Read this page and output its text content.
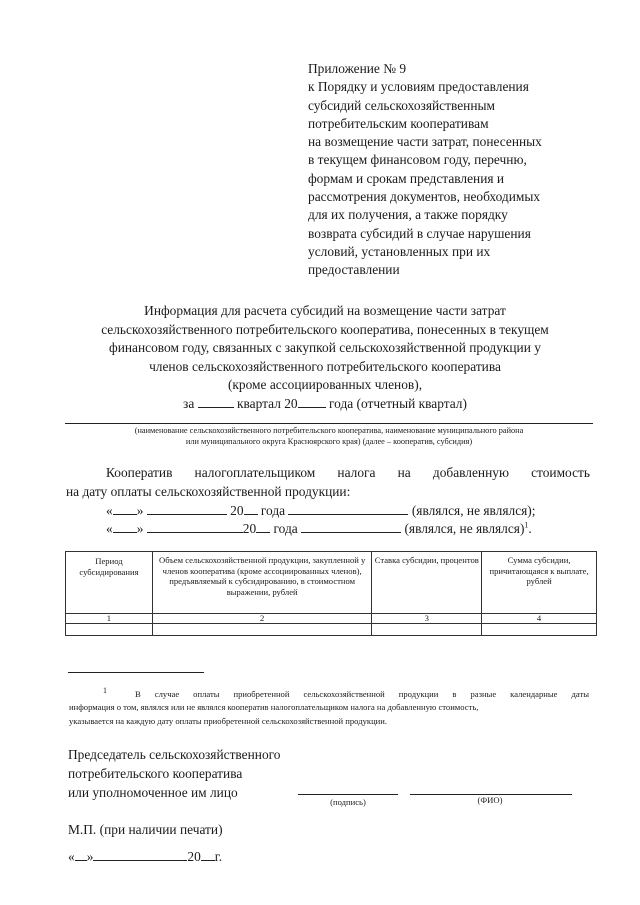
Приложение № 9
к Порядку и условиям предоставления
субсидий сельскохозяйственным
потребительским кооперативам
на возмещение части затрат, понесенных
в текущем финансовом году, перечню,
формам и срокам представления и
рассмотрения документов, необходимых
для их получения, а также порядку
возврата субсидий в случае нарушения
условий, установленных при их
предоставлении
Информация для расчета субсидий на возмещение части затрат
сельскохозяйственного потребительского кооператива, понесенных в текущем
финансовом году, связанных с закупкой сельскохозяйственной продукции у
членов сельскохозяйственного потребительского кооператива
(кроме ассоциированных членов),
за	квартал 20 года (отчетный квартал)
(наименование сельскохозяйственного потребительского кооператива, наименование муниципального района
или муниципального округа Красноярского края) (далее – кооператив, субсидия)
Кооператив налогоплательщиком налога на добавленную стоимость
на дату оплаты сельскохозяйственной продукции:
« »	20 года	(являлся, не являлся);
« »	20 года	(являлся, не являлся)$^1$.
Период субсидирования	Объем сельскохозяйственной продукции, закупленной у членов кооператива (кроме ассоциированных членов), предъявляемый к субсидированию, в стоимостном выражении, рублей	Ставка субсидии, процентов	Сумма субсидии, причитающаяся к выплате, рублей
1	2	3	4

$^1$	В случае оплаты приобретенной сельскохозяйственной продукции в разные календарные даты
информация о том, являлся или не являлся кооператив налогоплательщиком налога на добавленную стоимость,
указывается на каждую дату оплаты приобретенной сельскохозяйственной продукции.
Председатель сельскохозяйственного
потребительского кооператива
или уполномоченное им лицо
(подпись)	(ФИО)
М.П. (при наличии печати)
« »	20 г.
